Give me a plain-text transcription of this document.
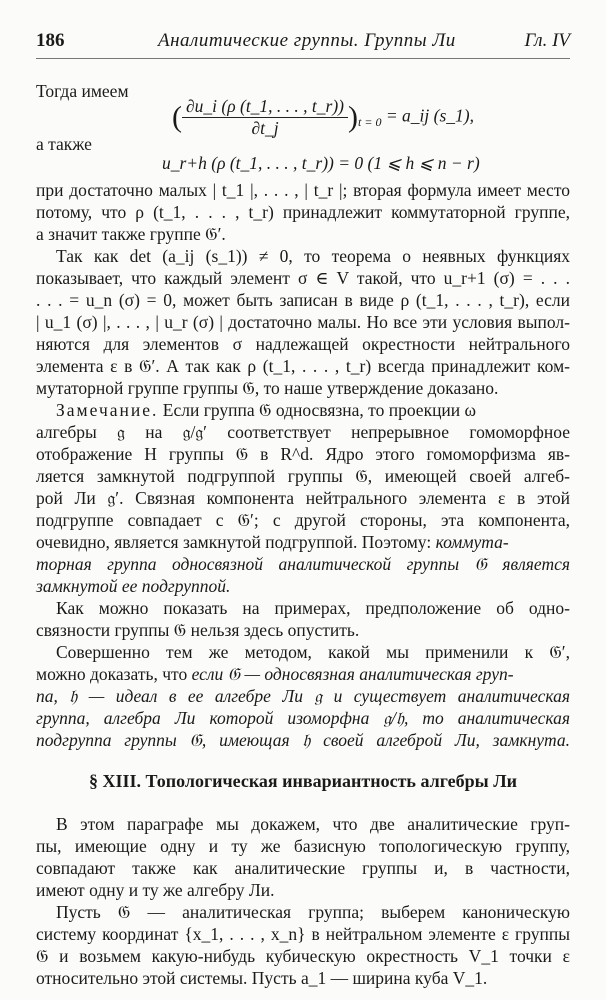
186	Аналитические группы. Группы Ли	Гл. IV
Тогда имеем
( $\frac{\partial u\_i (\rho (t\_1, . . . , t\_r))}{\partial t\_j} )_{t = 0}$ = a_ij (s_1),
а также
u_r+h (ρ (t_1, . . . , t_r)) = 0 (1 ⩽ h ⩽ n − r)
при достаточно малых | t_1 |, . . . , | t_r |; вторая формула имеет место
потому, что ρ (t_1, . . . , t_r) принадлежит коммутаторной группе,
а значит также группе 𝔊′.
Так как det (a_ij (s_1)) ≠ 0, то теорема о неявных функциях
показывает, что каждый элемент σ ∈ V такой, что u_r+1 (σ) = . . .
. . . = u_n (σ) = 0, может быть записан в виде ρ (t_1, . . . , t_r), если
| u_1 (σ) |, . . . , | u_r (σ) | достаточно малы. Но все эти условия выпол-
няются для элементов σ надлежащей окрестности нейтрального
элемента ε в 𝔊′. А так как ρ (t_1, . . . , t_r) всегда принадлежит ком-
мутаторной группе группы 𝔊, то наше утверждение доказано.
Замечание. Если группа 𝔊 односвязна, то проекции ω
алгебры 𝔤 на 𝔤/𝔤′ соответствует непрерывное гомоморфное
отображение H группы 𝔊 в R^d. Ядро этого гомоморфизма яв-
ляется замкнутой подгруппой группы 𝔊, имеющей своей алгеб-
рой Ли 𝔤′. Связная компонента нейтрального элемента ε в этой
подгруппе совпадает с 𝔊′; с другой стороны, эта компонента,
очевидно, является замкнутой подгруппой. Поэтому: коммута-
торная группа односвязной аналитической группы 𝔊 является
замкнутой ее подгруппой.
Как можно показать на примерах, предположение об одно-
связности группы 𝔊 нельзя здесь опустить.
Совершенно тем же методом, какой мы применили к 𝔊′,
можно доказать, что если 𝔊 — односвязная аналитическая груп-
па, 𝔥 — идеал в ее алгебре Ли 𝔤 и существует аналитическая
группа, алгебра Ли которой изоморфна 𝔤/𝔥, то аналитическая
подгруппа группы 𝔊, имеющая 𝔥 своей алгеброй Ли, замкнута.
§ XIII. Топологическая инвариантность алгебры Ли
В этом параграфе мы докажем, что две аналитические груп-
пы, имеющие одну и ту же базисную топологическую группу,
совпадают также как аналитические группы и, в частности,
имеют одну и ту же алгебру Ли.
Пусть 𝔊 — аналитическая группа; выберем каноническую
систему координат {x_1, . . . , x_n} в нейтральном элементе ε группы
𝔊 и возьмем какую-нибудь кубическую окрестность V_1 точки ε
относительно этой системы. Пусть a_1 — ширина куба V_1.
